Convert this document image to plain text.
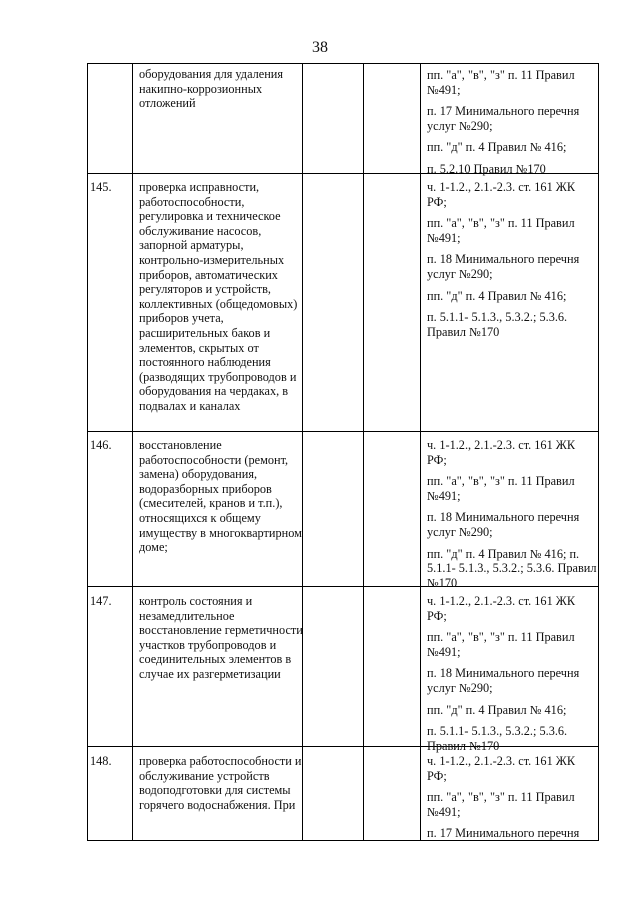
38
оборудования для удаления накипно-коррозионных отложений
пп. "а", "в", "з" п. 11 Правил №491;
п. 17 Минимального перечня услуг №290;
пп. "д" п. 4 Правил № 416;
п. 5.2.10 Правил №170
145. проверка исправности, работоспособности, регулировка и техническое обслуживание насосов, запорной арматуры, контрольно-измерительных приборов, автоматических регуляторов и устройств, коллективных (общедомовых) приборов учета, расширительных баков и элементов, скрытых от постоянного наблюдения (разводящих трубопроводов и оборудования на чердаках, в подвалах и каналах
ч. 1-1.2., 2.1.-2.3. ст. 161 ЖК РФ;
пп. "а", "в", "з" п. 11 Правил №491;
п. 18 Минимального перечня услуг №290;
пп. "д" п. 4 Правил № 416;
п. 5.1.1- 5.1.3., 5.3.2.; 5.3.6. Правил №170
146. восстановление работоспособности (ремонт, замена) оборудования, водоразборных приборов (смесителей, кранов и т.п.), относящихся к общему имуществу в многоквартирном доме;
ч. 1-1.2., 2.1.-2.3. ст. 161 ЖК РФ;
пп. "а", "в", "з" п. 11 Правил №491;
п. 18 Минимального перечня услуг №290;
пп. "д" п. 4 Правил № 416; п. 5.1.1- 5.1.3., 5.3.2.; 5.3.6. Правил №170
147. контроль состояния и незамедлительное восстановление герметичности участков трубопроводов и соединительных элементов в случае их разгерметизации
ч. 1-1.2., 2.1.-2.3. ст. 161 ЖК РФ;
пп. "а", "в", "з" п. 11 Правил №491;
п. 18 Минимального перечня услуг №290;
пп. "д" п. 4 Правил № 416;
п. 5.1.1- 5.1.3., 5.3.2.; 5.3.6. Правил №170
148. проверка работоспособности и обслуживание устройств водоподготовки для системы горячего водоснабжения. При
ч. 1-1.2., 2.1.-2.3. ст. 161 ЖК РФ;
пп. "а", "в", "з" п. 11 Правил №491;
п. 17 Минимального перечня
